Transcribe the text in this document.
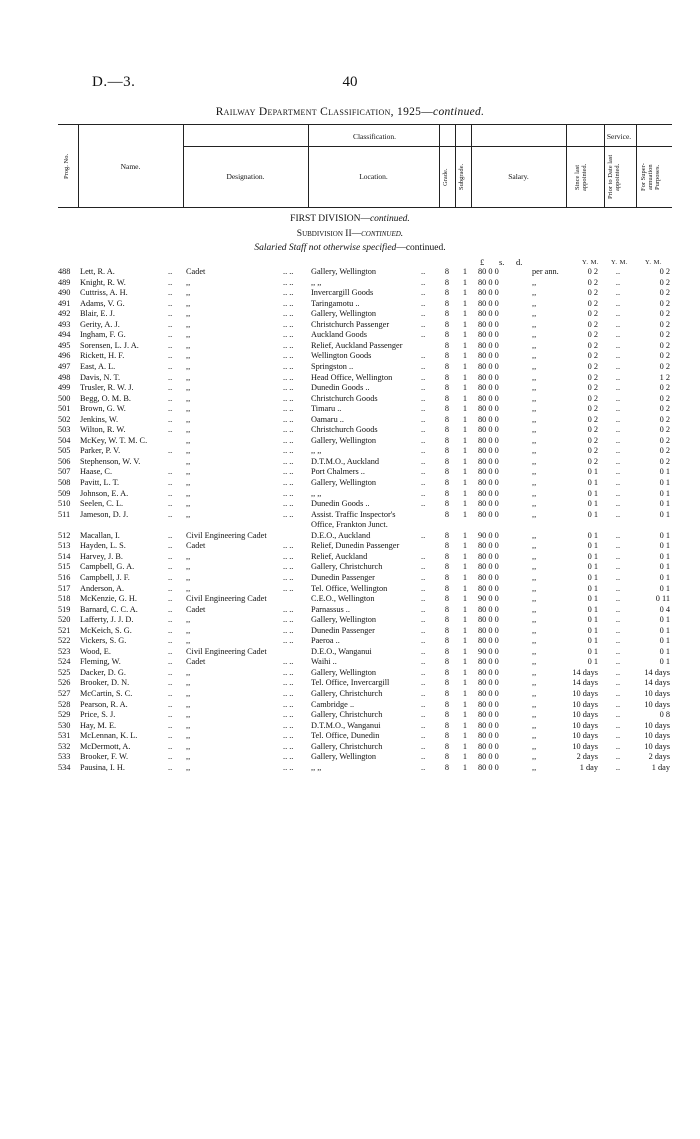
D.—3.	40
Railway Department Classification, 1925—continued.
Prog. No.	Name.
Classification.	Service.
Designation.	Location.	Grade.	Subgrade.	Salary.	Since last appointed.	Prior to Date last appointed.	For Super-annuation Purposes.
FIRST DIVISION—continued.
Subdivision II—continued.
Salaried Staff not otherwise specified—continued.
£ s. d.	Y. M. Y. M.	Y. M.
488 Lett, R. A.	.. Cadet	.. .. Gallery, Wellington	.. 8 1 80 0 0	per ann.	0 2	..	0 2
489 Knight, R. W.	.. ,,	.. .. ,, ,,	.. 8 1 80 0 0	,,	0 2	..	0 2
490 Cuttriss, A. H.	.. ,,	.. .. Invercargill Goods	.. 8 1 80 0 0	,,	0 2	..	0 2
491 Adams, V. G.	.. ,,	.. .. Taringamotu ..	.. 8 1 80 0 0	,,	0 2	..	0 2
492 Blair, E. J.	.. ,,	.. .. Gallery, Wellington	.. 8 1 80 0 0	,,	0 2	..	0 2
493 Gerity, A. J.	.. ,,	.. .. Christchurch Passenger	.. 8 1 80 0 0	,,	0 2	..	0 2
494 Ingham, F. G.	.. ,,	.. .. Auckland Goods	.. 8 1 80 0 0	,,	0 2	..	0 2
495 Sorensen, L. J. A.	.. ,,	.. .. Relief, Auckland Passenger	8 1 80 0 0	,,	0 2	..	0 2
496 Rickett, H. F.	.. ,,	.. .. Wellington Goods	.. 8 1 80 0 0	,,	0 2	..	0 2
497 East, A. L.	.. ,,	.. .. Springston ..	.. 8 1 80 0 0	,,	0 2	..	0 2
498 Davis, N. T.	.. ,,	.. .. Head Office, Wellington	.. 8 1 80 0 0	,,	0 2	..	1 2
499 Trusler, R. W. J.	.. ,,	.. .. Dunedin Goods ..	.. 8 1 80 0 0	,,	0 2	..	0 2
500 Begg, O. M. B.	.. ,,	.. .. Christchurch Goods	.. 8 1 80 0 0	,,	0 2	..	0 2
501 Brown, G. W.	.. ,,	.. .. Timaru ..	.. 8 1 80 0 0	,,	0 2	..	0 2
502 Jenkins, W.	.. ,,	.. .. Oamaru ..	.. 8 1 80 0 0	,,	0 2	..	0 2
503 Wilton, R. W.	.. ,,	.. .. Christchurch Goods	.. 8 1 80 0 0	,,	0 2	..	0 2
504 McKey, W. T. M. C.	,,	.. .. Gallery, Wellington	.. 8 1 80 0 0	,,	0 2	..	0 2
505 Parker, P. V.	.. ,,	.. .. ,, ,,	.. 8 1 80 0 0	,,	0 2	..	0 2
506 Stephenson, W. V.	,,	.. .. D.T.M.O., Auckland	.. 8 1 80 0 0	,,	0 2	..	0 2
507 Haase, C.	.. ,,	.. .. Port Chalmers ..	.. 8 1 80 0 0	,,	0 1	..	0 1
508 Pavitt, L. T.	.. ,,	.. .. Gallery, Wellington	.. 8 1 80 0 0	,,	0 1	..	0 1
509 Johnson, E. A.	.. ,,	.. .. ,, ,,	.. 8 1 80 0 0	,,	0 1	..	0 1
510 Seelen, C. L.	.. ,,	.. .. Dunedin Goods ..	.. 8 1 80 0 0	,,	0 1	..	0 1
511 Jameson, D. J.	.. ,,	.. .. Assist. Traffic Inspector's	8 1 80 0 0	,,	0 1	..	0 1
Office, Frankton Junct.
512 Macallan, I.	.. Civil Engineering Cadet	D.E.O., Auckland	.. 8 1 90 0 0	,,	0 1	..	0 1
513 Hayden, L. S.	.. Cadet	.. .. Relief, Dunedin Passenger	8 1 80 0 0	,,	0 1	..	0 1
514 Harvey, J. B.	.. ,,	.. .. Relief, Auckland	.. 8 1 80 0 0	,,	0 1	..	0 1
515 Campbell, G. A.	.. ,,	.. .. Gallery, Christchurch	.. 8 1 80 0 0	,,	0 1	..	0 1
516 Campbell, J. F.	.. ,,	.. .. Dunedin Passenger	.. 8 1 80 0 0	,,	0 1	..	0 1
517 Anderson, A.	.. ,,	.. .. Tel. Office, Wellington	.. 8 1 80 0 0	,,	0 1	..	0 1
518 McKenzie, G. H.	.. Civil Engineering Cadet	C.E.O., Wellington	.. 8 1 90 0 0	,,	0 1	..	0 11
519 Barnard, C. C. A.	.. Cadet	.. .. Parnassus ..	.. 8 1 80 0 0	,,	0 1	..	0 4
520 Lafferty, J. J. D.	.. ,,	.. .. Gallery, Wellington	.. 8 1 80 0 0	,,	0 1	..	0 1
521 McKeich, S. G.	.. ,,	.. .. Dunedin Passenger	.. 8 1 80 0 0	,,	0 1	..	0 1
522 Vickers, S. G.	.. ,,	.. .. Paeroa ..	.. 8 1 80 0 0	,,	0 1	..	0 1
523 Wood, E.	.. Civil Engineering Cadet	D.E.O., Wanganui	.. 8 1 90 0 0	,,	0 1	..	0 1
524 Fleming, W.	.. Cadet	.. .. Waihi ..	.. 8 1 80 0 0	,,	0 1	..	0 1
525 Dacker, D. G.	.. ,,	.. .. Gallery, Wellington	.. 8 1 80 0 0	,,	14 days	..	14 days
526 Brooker, D. N.	.. ,,	.. .. Tel. Office, Invercargill	.. 8 1 80 0 0	,,	14 days	..	14 days
527 McCartin, S. C.	.. ,,	.. .. Gallery, Christchurch	.. 8 1 80 0 0	,,	10 days	..	10 days
528 Pearson, R. A.	.. ,,	.. .. Cambridge ..	.. 8 1 80 0 0	,,	10 days	..	10 days
529 Price, S. J.	.. ,,	.. .. Gallery, Christchurch	.. 8 1 80 0 0	,,	10 days	..	0 8
530 Hay, M. E.	.. ,,	.. .. D.T.M.O., Wanganui	.. 8 1 80 0 0	,,	10 days	..	10 days
531 McLennan, K. L.	.. ,,	.. .. Tel. Office, Dunedin	.. 8 1 80 0 0	,,	10 days	..	10 days
532 McDermott, A.	.. ,,	.. .. Gallery, Christchurch	.. 8 1 80 0 0	,,	10 days	..	10 days
533 Brooker, F. W.	.. ,,	.. .. Gallery, Wellington	.. 8 1 80 0 0	,,	2 days	..	2 days
534 Pausina, I. H.	.. ,,	.. .. ,, ,,	.. 8 1 80 0 0	,,	1 day	..	1 day
